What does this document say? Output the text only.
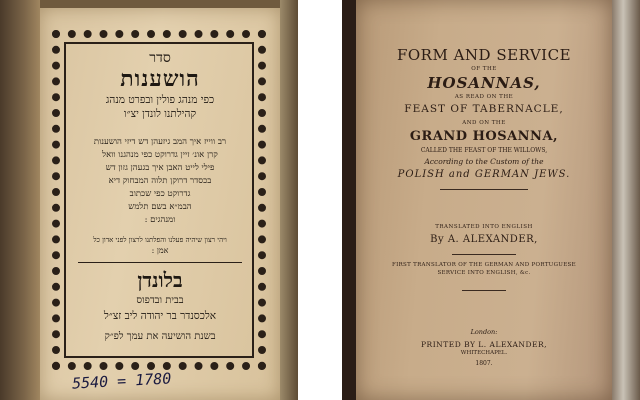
סדר
הושענות
כפי מנהג פולין ובפרט מנהג
קהילתנו לונדן יצ״ו
רב ווייז איך המב גיזעהן דש דיזי הושענות
קרן אונ׳ זיין גדרוקט כפי מנהגנו וואל
פילי לייט האבן איך בגעהן גזון דש
בכסדר דרוקן תלוה המבחוק דיא
גדרוקט כפי שכתוב
הבמ״א בשם תלמש
ומנהגים :
ויהי רצון שיהיה פעלנו והפלתנו לרצון לפני אדון כל
אמן :
בלונדן
בבית ובדפוס
אלכסנדר בר יהודה ליב זצ״ל
בשנת הושיעה את עמך לפ״ק
5540 = 1780
FORM AND SERVICE
OF THE
HOSANNAS,
AS READ ON THE
FEAST OF TABERNACLE,
AND ON THE
GRAND HOSANNA,
CALLED THE FEAST OF THE WILLOWS,
According to the Custom of the
POLISH and GERMAN JEWS.
TRANSLATED INTO ENGLISH
By A. ALEXANDER,
FIRST TRANSLATOR OF THE GERMAN AND PORTUGUESE
SERVICE INTO ENGLISH, &c.
London:
PRINTED BY L. ALEXANDER,
WHITECHAPEL.
1807.
